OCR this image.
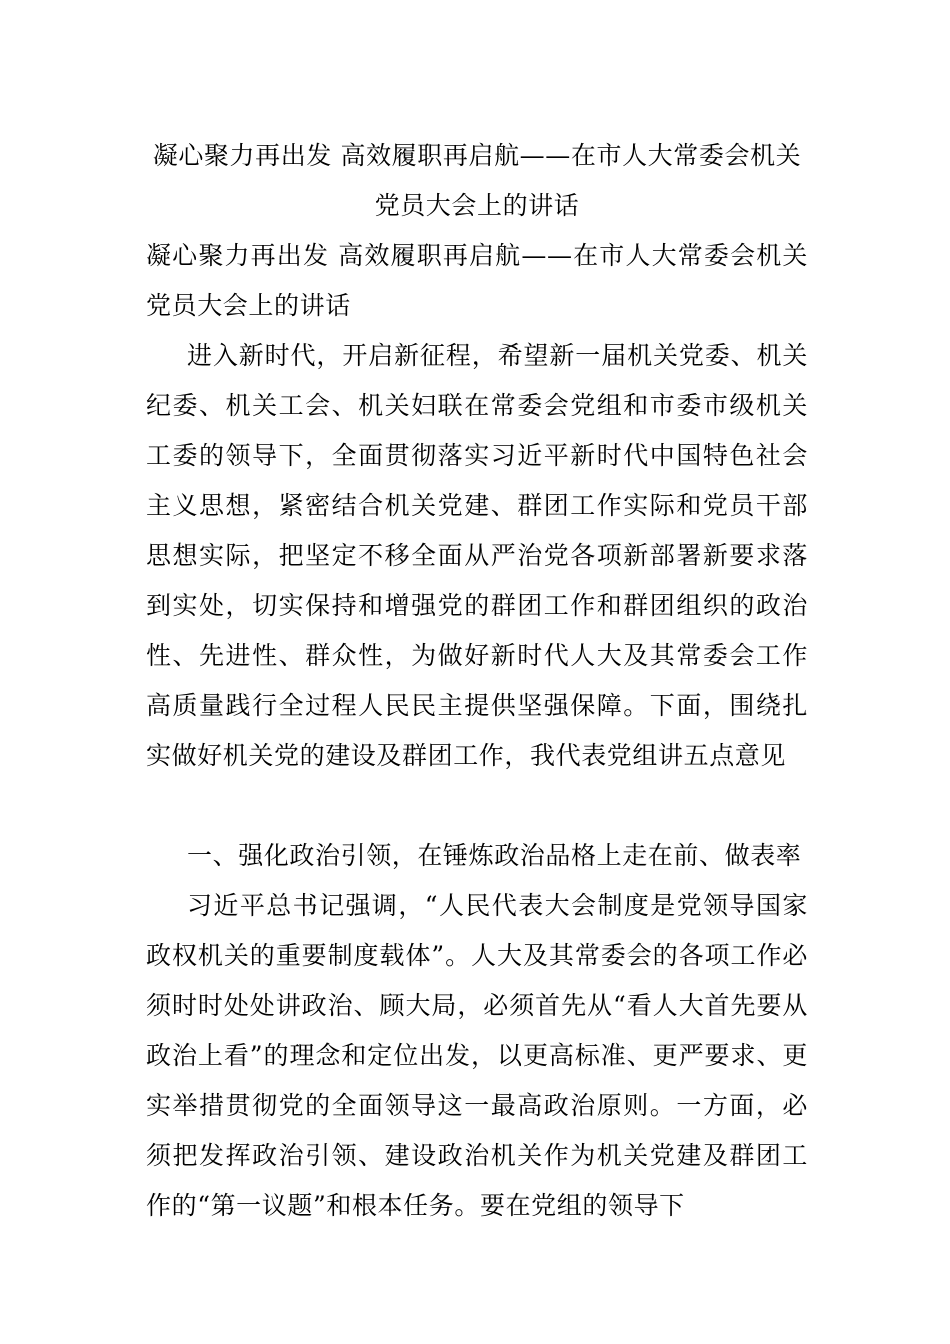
凝心聚力再出发 高效履职再启航——在市人大常委会机关党员大会上的讲话

凝心聚力再出发 高效履职再启航——在市人大常委会机关党员大会上的讲话

进入新时代，开启新征程，希望新一届机关党委、机关纪委、机关工会、机关妇联在常委会党组和市委市级机关工委的领导下，全面贯彻落实习近平新时代中国特色社会主义思想，紧密结合机关党建、群团工作实际和党员干部思想实际，把坚定不移全面从严治党各项新部署新要求落到实处，切实保持和增强党的群团工作和群团组织的政治性、先进性、群众性，为做好新时代人大及其常委会工作高质量践行全过程人民民主提供坚强保障。下面，围绕扎实做好机关党的建设及群团工作，我代表党组讲五点意见

一、强化政治引领，在锤炼政治品格上走在前、做表率

习近平总书记强调，“人民代表大会制度是党领导国家政权机关的重要制度载体”。人大及其常委会的各项工作必须时时处处讲政治、顾大局，必须首先从“看人大首先要从政治上看”的理念和定位出发，以更高标准、更严要求、更实举措贯彻党的全面领导这一最高政治原则。一方面，必须把发挥政治引领、建设政治机关作为机关党建及群团工作的“第一议题”和根本任务。要在党组的领导下
